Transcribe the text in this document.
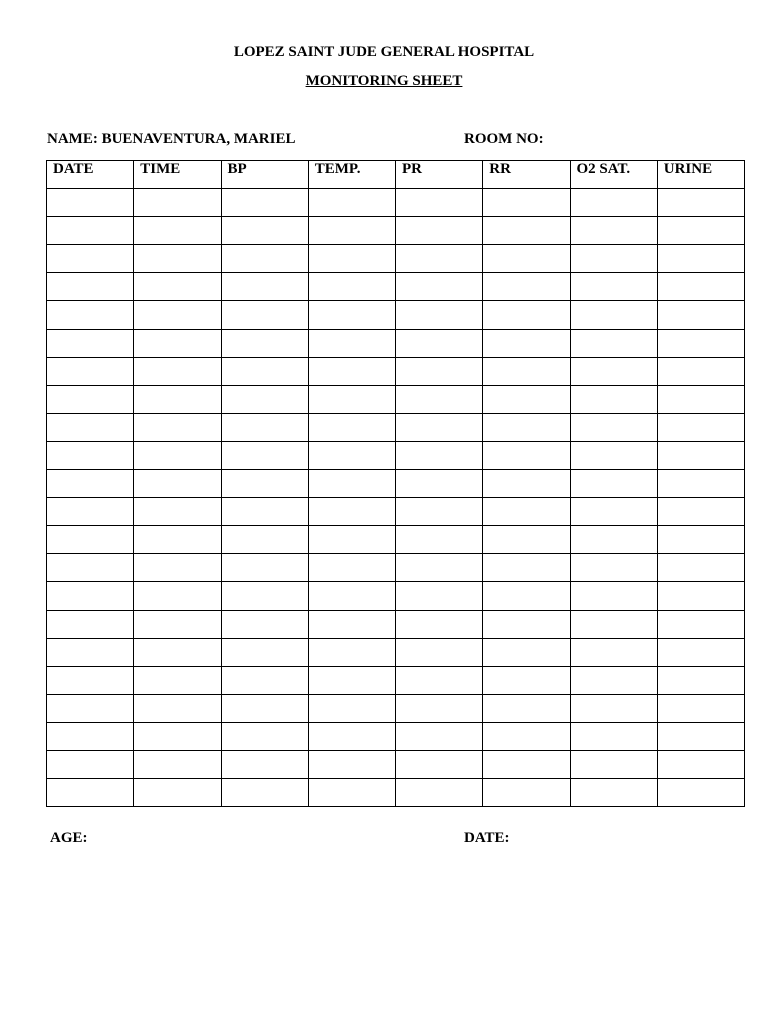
LOPEZ SAINT JUDE GENERAL HOSPITAL
MONITORING SHEET
NAME: BUENAVENTURA, MARIEL	ROOM NO:
DATE	TIME	BP	TEMP.	PR	RR	O2 SAT.	URINE

AGE:	DATE:
